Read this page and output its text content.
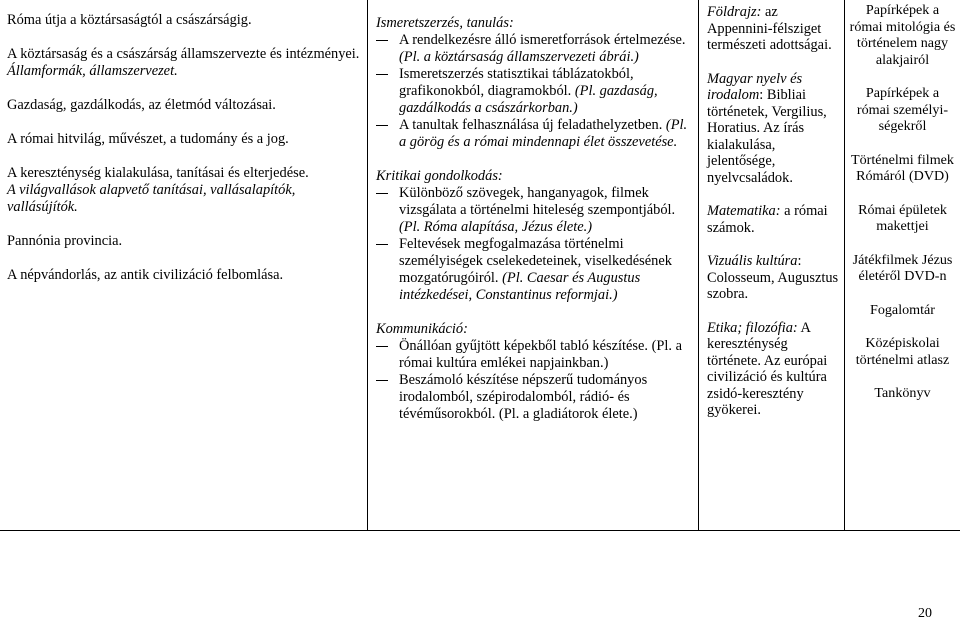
Róma útja a köztársaságtól a császárságig.

A köztársaság és a császárság államszervezte és intézményei. Államformák, államszervezet.

Gazdaság, gazdálkodás, az életmód változásai.

A római hitvilág, művészet, a tudomány és a jog.

A kereszténység kialakulása, tanításai és elterjedése.

A világvallások alapvető tanításai, vallásalapítók, vallásújítók.

Pannónia provincia.

A népvándorlás, az antik civilizáció felbomlása.

Ismeretszerzés, tanulás:

A rendelkezésre álló ismeretforrások értelmezése. (Pl. a köztársaság államszervezeti ábrái.)
Ismeretszerzés statisztikai táblázatokból, grafikonokból, diagramokból. (Pl. gazdaság, gazdálkodás a császárkorban.)
A tanultak felhasználása új feladathelyzetben. (Pl. a görög és a római mindennapi élet összevetése.

Kritikai gondolkodás:

Különböző szövegek, hanganyagok, filmek vizsgálata a történelmi hiteleség szempontjából. (Pl. Róma alapítása, Jézus élete.)
Feltevések megfogalmazása történelmi személyiségek cselekedeteinek, viselkedésének mozgatórugóiról. (Pl. Caesar és Augustus intézkedései, Constantinus reformjai.)

Kommunikáció:

Önállóan gyűjtött képekből tabló készítése. (Pl. a római kultúra emlékei napjainkban.)
Beszámoló készítése népszerű tudományos irodalomból, szépirodalomból, rádió- és tévéműsorokból. (Pl. a gladiátorok élete.)

Földrajz: az Appennini-félsziget természeti adottságai.

Magyar nyelv és irodalom: Bibliai történetek, Vergilius, Horatius. Az írás kialakulása, jelentősége, nyelvcsaládok.

Matematika: a római számok.

Vizuális kultúra: Colosseum, Augusztus szobra.

Etika; filozófia: A kereszténység története. Az európai civilizáció és kultúra zsidó-keresztény gyökerei.

Papírképek a római mitológia és történelem nagy alakjairól

Papírképek a római személyi-ségekről

Történelmi filmek Rómáról (DVD)

Római épületek makettjei

Játékfilmek Jézus életéről DVD-n

Fogalomtár

Középiskolai történelmi atlasz

Tankönyv

20
